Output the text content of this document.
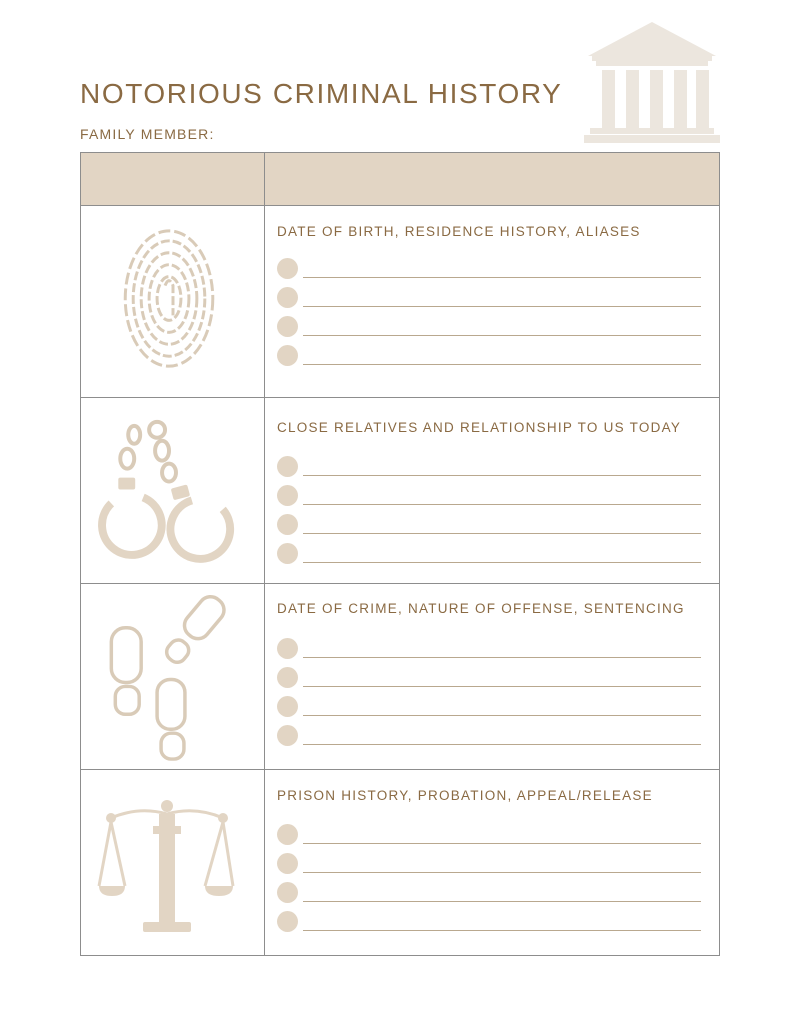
NOTORIOUS CRIMINAL HISTORY
FAMILY MEMBER:
DATE OF BIRTH, RESIDENCE HISTORY, ALIASES
CLOSE RELATIVES AND RELATIONSHIP TO US TODAY
DATE OF CRIME, NATURE OF OFFENSE, SENTENCING
PRISON HISTORY, PROBATION, APPEAL/RELEASE
